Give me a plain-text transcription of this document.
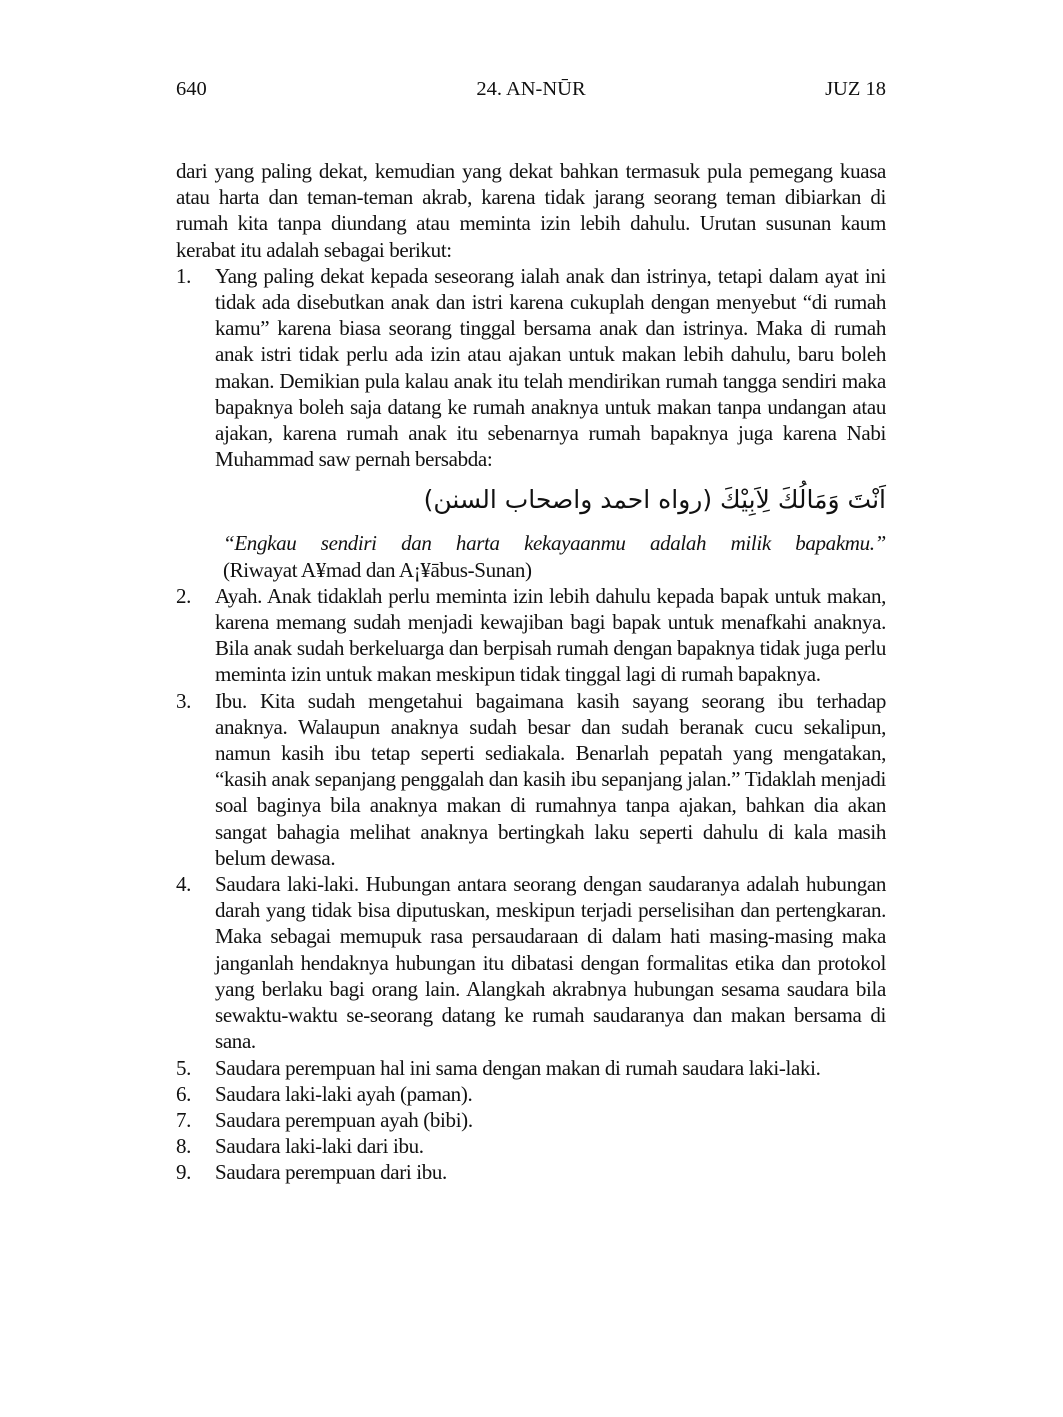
640	24. AN-NŪR	JUZ 18

dari yang paling dekat, kemudian yang dekat bahkan termasuk pula pemegang kuasa atau harta dan teman-teman akrab, karena tidak jarang seorang teman dibiarkan di rumah kita tanpa diundang atau meminta izin lebih dahulu. Urutan susunan kaum kerabat itu adalah sebagai berikut:

1. Yang paling dekat kepada seseorang ialah anak dan istrinya, tetapi dalam ayat ini tidak ada disebutkan anak dan istri karena cukuplah dengan menyebut “di rumah kamu” karena biasa seorang tinggal bersama anak dan istrinya. Maka di rumah anak istri tidak perlu ada izin atau ajakan untuk makan lebih dahulu, baru boleh makan. Demikian pula kalau anak itu telah mendirikan rumah tangga sendiri maka bapaknya boleh saja datang ke rumah anaknya untuk makan tanpa undangan atau ajakan, karena rumah anak itu sebenarnya rumah bapaknya juga karena Nabi Muhammad saw pernah bersabda:
اَنْتَ وَمَالُكَ لِاَبِيْكَ (رواه احمد واصحاب السنن)
“Engkau sendiri dan harta kekayaanmu adalah milik bapakmu.”
(Riwayat A¥mad dan A¡¥ābus-Sunan)
2. Ayah. Anak tidaklah perlu meminta izin lebih dahulu kepada bapak untuk makan, karena memang sudah menjadi kewajiban bagi bapak untuk menafkahi anaknya. Bila anak sudah berkeluarga dan berpisah rumah dengan bapaknya tidak juga perlu meminta izin untuk makan meskipun tidak tinggal lagi di rumah bapaknya.
3. Ibu. Kita sudah mengetahui bagaimana kasih sayang seorang ibu terhadap anaknya. Walaupun anaknya sudah besar dan sudah beranak cucu sekalipun, namun kasih ibu tetap seperti sediakala. Benarlah pepatah yang mengatakan, “kasih anak sepanjang penggalah dan kasih ibu sepanjang jalan.” Tidaklah menjadi soal baginya bila anaknya makan di rumahnya tanpa ajakan, bahkan dia akan sangat bahagia melihat anaknya bertingkah laku seperti dahulu di kala masih belum dewasa.
4. Saudara laki-laki. Hubungan antara seorang dengan saudaranya adalah hubungan darah yang tidak bisa diputuskan, meskipun terjadi perselisihan dan pertengkaran. Maka sebagai memupuk rasa persaudaraan di dalam hati masing-masing maka janganlah hendaknya hubungan itu dibatasi dengan formalitas etika dan protokol yang berlaku bagi orang lain. Alangkah akrabnya hubungan sesama saudara bila sewaktu-waktu se-seorang datang ke rumah saudaranya dan makan bersama di sana.
5. Saudara perempuan hal ini sama dengan makan di rumah saudara laki-laki.
6. Saudara laki-laki ayah (paman).
7. Saudara perempuan ayah (bibi).
8. Saudara laki-laki dari ibu.
9. Saudara perempuan dari ibu.
